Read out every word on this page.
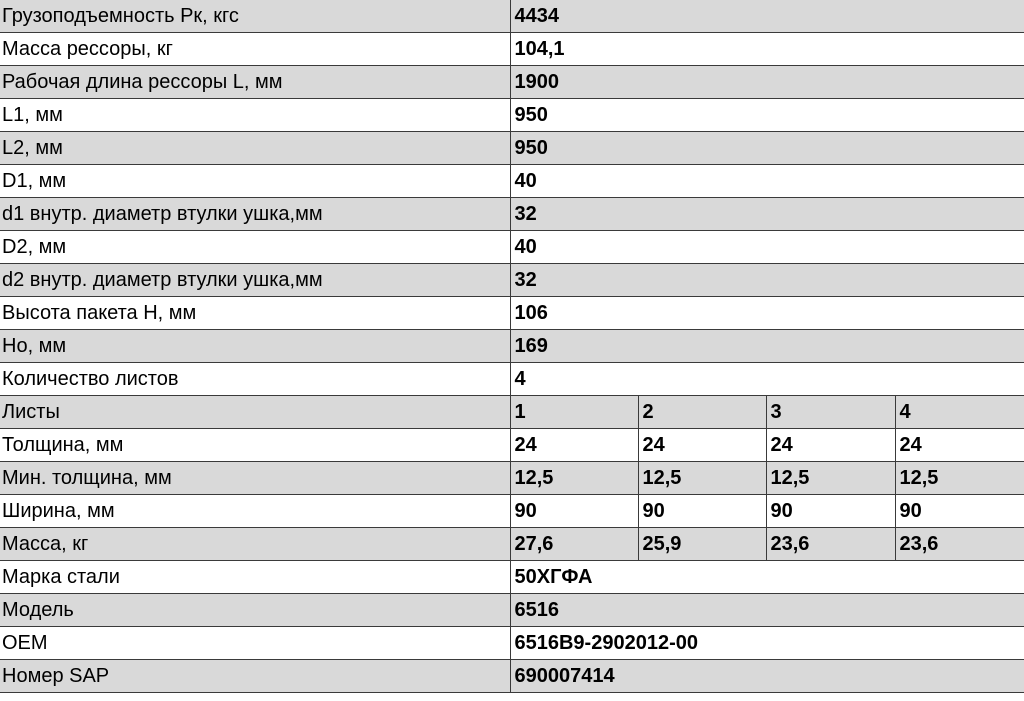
Грузоподъемность Pк, кгс	4434			
Масса рессоры, кг	104,1			
Рабочая длина рессоры L, мм	1900			
L1, мм	950			
L2, мм	950			
D1, мм	40			
d1 внутр. диаметр втулки ушка,мм	32			
D2, мм	40			
d2 внутр. диаметр втулки ушка,мм	32			
Высота пакета H, мм	106			
Ho, мм	169			
Количество листов	4			
Листы	1	2	3	4
Толщина, мм	24	24	24	24
Мин. толщина, мм	12,5	12,5	12,5	12,5
Ширина, мм	90	90	90	90
Масса, кг	27,6	25,9	23,6	23,6
Марка стали	50ХГФА			
Модель	6516			
OEM	6516B9-2902012-00			
Номер SAP	690007414			
